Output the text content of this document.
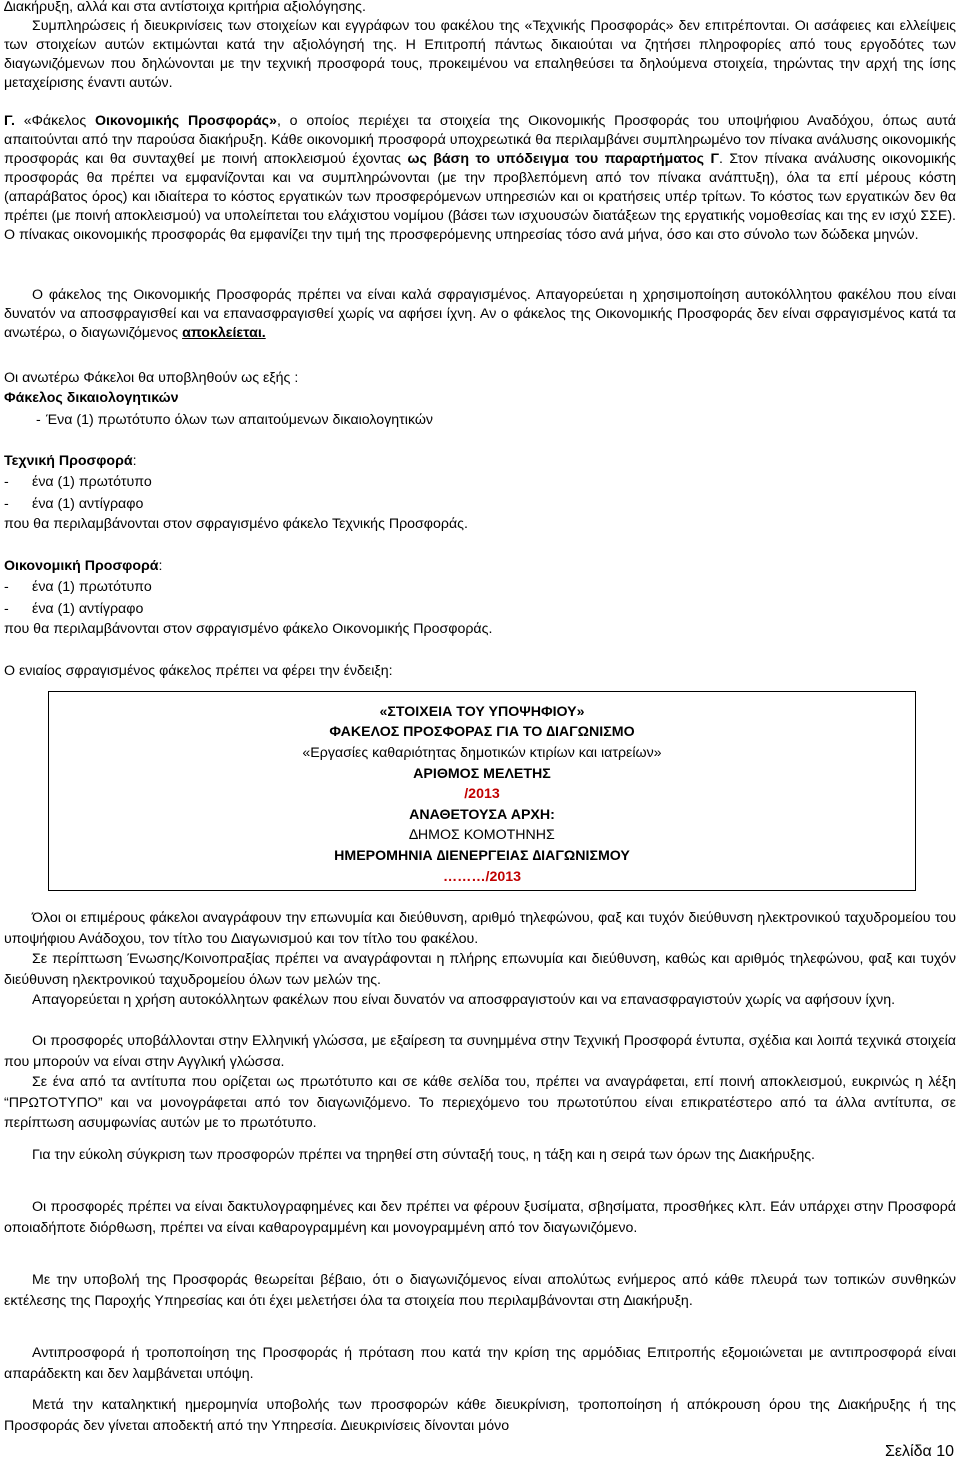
∆ιακήρυξη, αλλά και στα αντίστοιχα κριτήρια αξιολόγησης.

Συμπληρώσεις ή διευκρινίσεις των στοιχείων και εγγράφων του φακέλου της «Τεχνικής Προσφοράς» δεν επιτρέπονται. Οι ασάφειες και ελλείψεις των στοιχείων αυτών εκτιμώνται κατά την αξιολόγησή της. Η Επιτροπή πάντως δικαιούται να ζητήσει πληροφορίες από τους εργοδότες των διαγωνιζόμενων που δηλώνονται με την τεχνική προσφορά τους, προκειμένου να επαληθεύσει τα δηλούμενα στοιχεία, τηρώντας την αρχή της ίσης μεταχείρισης έναντι αυτών.

Γ. «Φάκελος Οικονομικής Προσφοράς», ο οποίος περιέχει τα στοιχεία της Οικονομικής Προσφοράς του υποψήφιου Αναδόχου, όπως αυτά απαιτούνται από την παρούσα διακήρυξη. Κάθε οικονομική προσφορά υποχρεωτικά θα περιλαμβάνει συμπληρωμένο τον πίνακα ανάλυσης οικονομικής προσφοράς και θα συνταχθεί με ποινή αποκλεισμού έχοντας ως βάση το υπόδειγμα του παραρτήματος Γ. Στον πίνακα ανάλυσης οικονομικής προσφοράς θα πρέπει να εμφανίζονται και να συμπληρώνονται (με την προβλεπόμενη από τον πίνακα ανάπτυξη), όλα τα επί μέρους κόστη (απαράβατος όρος) και ιδιαίτερα το κόστος εργατικών των προσφερόμενων υπηρεσιών και οι κρατήσεις υπέρ τρίτων. Το κόστος των εργατικών δεν θα πρέπει (με ποινή αποκλεισμού) να υπολείπεται του ελάχιστου νομίμου (βάσει των ισχυουσών διατάξεων της εργατικής νομοθεσίας και της εν ισχύ ΣΣΕ). Ο πίνακας οικονομικής προσφοράς θα εμφανίζει την τιμή της προσφερόμενης υπηρεσίας τόσο ανά μήνα, όσο και στο σύνολο των δώδεκα μηνών.

Ο φάκελος της Οικονομικής Προσφοράς πρέπει να είναι καλά σφραγισμένος. Απαγορεύεται η χρησιμοποίηση αυτοκόλλητου φακέλου που είναι δυνατόν να αποσφραγισθεί και να επανασφραγισθεί χωρίς να αφήσει ίχνη. Αν ο φάκελος της Οικονομικής Προσφοράς δεν είναι σφραγισμένος κατά τα ανωτέρω, ο διαγωνιζόμενος αποκλείεται.

Οι ανωτέρω Φάκελοι θα υποβληθούν ως εξής :

Φάκελος δικαιολογητικών

- Ένα (1) πρωτότυπο όλων των απαιτούμενων δικαιολογητικών

Τεχνική Προσφορά:

- ένα (1) πρωτότυπο

- ένα (1) αντίγραφο

που θα περιλαμβάνονται στον σφραγισμένο φάκελο Τεχνικής Προσφοράς.

Οικονομική Προσφορά:

- ένα (1) πρωτότυπο

- ένα (1) αντίγραφο

που θα περιλαμβάνονται στον σφραγισμένο φάκελο Οικονομικής Προσφοράς.

Ο ενιαίος σφραγισμένος φάκελος πρέπει να φέρει την ένδειξη:

«ΣΤΟΙΧΕΙΑ ΤΟΥ ΥΠΟΨΗΦΙΟΥ»
ΦΑΚΕΛΟΣ ΠΡΟΣΦΟΡΑΣ ΓΙΑ ΤΟ ∆ΙΑΓΩΝΙΣΜΟ
«Εργασίες καθαριότητας δημοτικών κτιρίων και ιατρείων»
ΑΡΙΘΜΟΣ ΜΕΛΕΤΗΣ
/2013
ΑΝΑΘΕΤΟΥΣΑ ΑΡΧΗ:
∆ΗΜΟΣ ΚΟΜΟΤΗΝΗΣ
ΗΜΕΡΟΜΗΝΙΑ ∆ΙΕΝΕΡΓΕΙΑΣ ∆ΙΑΓΩΝΙΣΜΟΥ
………/2013

Όλοι οι επιμέρους φάκελοι αναγράφουν την επωνυμία και διεύθυνση, αριθμό τηλεφώνου, φαξ και τυχόν διεύθυνση ηλεκτρονικού ταχυδρομείου του υποψήφιου Ανάδοχου, τον τίτλο του ∆ιαγωνισμού και τον τίτλο του φακέλου.

Σε περίπτωση Ένωσης/Κοινοπραξίας πρέπει να αναγράφονται η πλήρης επωνυμία και διεύθυνση, καθώς και αριθμός τηλεφώνου, φαξ και τυχόν διεύθυνση ηλεκτρονικού ταχυδρομείου όλων των μελών της.

Απαγορεύεται η χρήση αυτοκόλλητων φακέλων που είναι δυνατόν να αποσφραγιστούν και να επανασφραγιστούν χωρίς να αφήσουν ίχνη.

Οι προσφορές υποβάλλονται στην Ελληνική γλώσσα, με εξαίρεση τα συνημμένα στην Τεχνική Προσφορά έντυπα, σχέδια και λοιπά τεχνικά στοιχεία που μπορούν να είναι στην Αγγλική γλώσσα.

Σε ένα από τα αντίτυπα που ορίζεται ως πρωτότυπο και σε κάθε σελίδα του, πρέπει να αναγράφεται, επί ποινή αποκλεισμού, ευκρινώς η λέξη “ΠΡΩΤΟΤΥΠΟ” και να μονογράφεται από τον διαγωνιζόμενο. Το περιεχόμενο του πρωτοτύπου είναι επικρατέστερο από τα άλλα αντίτυπα, σε περίπτωση ασυμφωνίας αυτών με το πρωτότυπο.

Για την εύκολη σύγκριση των προσφορών πρέπει να τηρηθεί στη σύνταξή τους, η τάξη και η σειρά των όρων της ∆ιακήρυξης.

Οι προσφορές πρέπει να είναι δακτυλογραφημένες και δεν πρέπει να φέρουν ξυσίματα, σβησίματα, προσθήκες κλπ. Εάν υπάρχει στην Προσφορά οποιαδήποτε διόρθωση, πρέπει να είναι καθαρογραμμένη και μονογραμμένη από τον διαγωνιζόμενο.

Με την υποβολή της Προσφοράς θεωρείται βέβαιο, ότι ο διαγωνιζόμενος είναι απολύτως ενήμερος από κάθε πλευρά των τοπικών συνθηκών εκτέλεσης της Παροχής Υπηρεσίας και ότι έχει μελετήσει όλα τα στοιχεία που περιλαμβάνονται στη ∆ιακήρυξη.

Αντιπροσφορά ή τροποποίηση της Προσφοράς ή πρόταση που κατά την κρίση της αρμόδιας Επιτροπής εξομοιώνεται με αντιπροσφορά είναι απαράδεκτη και δεν λαμβάνεται υπόψη.

Μετά την καταληκτική ημερομηνία υποβολής των προσφορών κάθε διευκρίνιση, τροποποίηση ή απόκρουση όρου της ∆ιακήρυξης ή της Προσφοράς δεν γίνεται αποδεκτή από την Υπηρεσία. ∆ιευκρινίσεις δίνονται μόνο

Σελίδα 10
